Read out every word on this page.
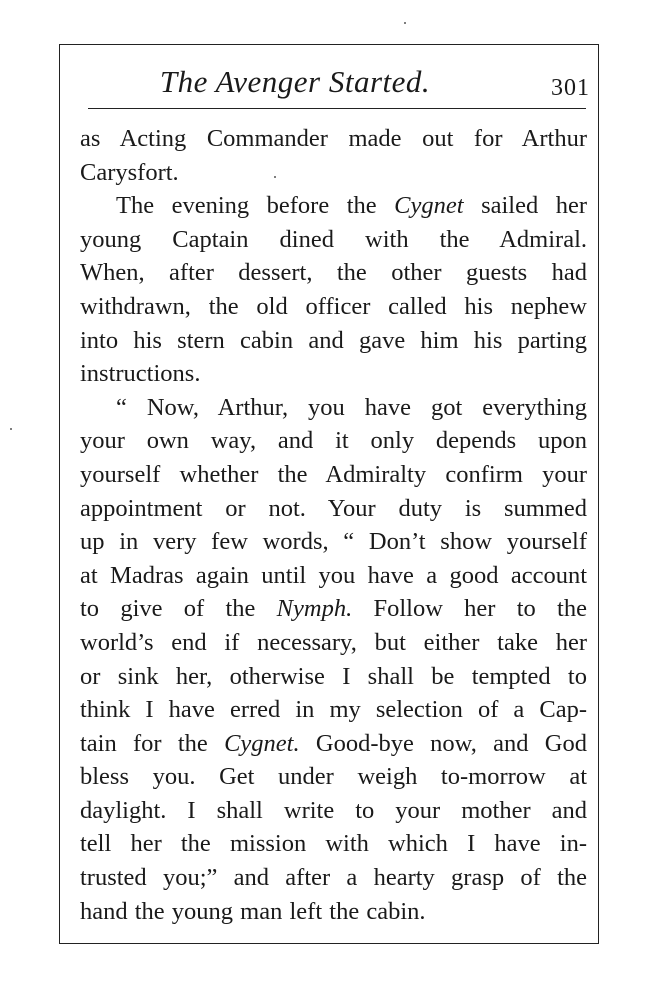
The Avenger Started.	301
as Acting Commander made out for Arthur
Carysfort.
The evening before the Cygnet sailed her
young Captain dined with the Admiral.
When, after dessert, the other guests had
withdrawn, the old officer called his nephew
into his stern cabin and gave him his parting
instructions.
“ Now, Arthur, you have got everything
your own way, and it only depends upon
yourself whether the Admiralty confirm your
appointment or not. Your duty is summed
up in very few words, “ Don’t show yourself
at Madras again until you have a good account
to give of the Nymph. Follow her to the
world’s end if necessary, but either take her
or sink her, otherwise I shall be tempted to
think I have erred in my selection of a Cap-
tain for the Cygnet. Good-bye now, and God
bless you. Get under weigh to-morrow at
daylight. I shall write to your mother and
tell her the mission with which I have in-
trusted you;” and after a hearty grasp of the
hand the young man left the cabin.
